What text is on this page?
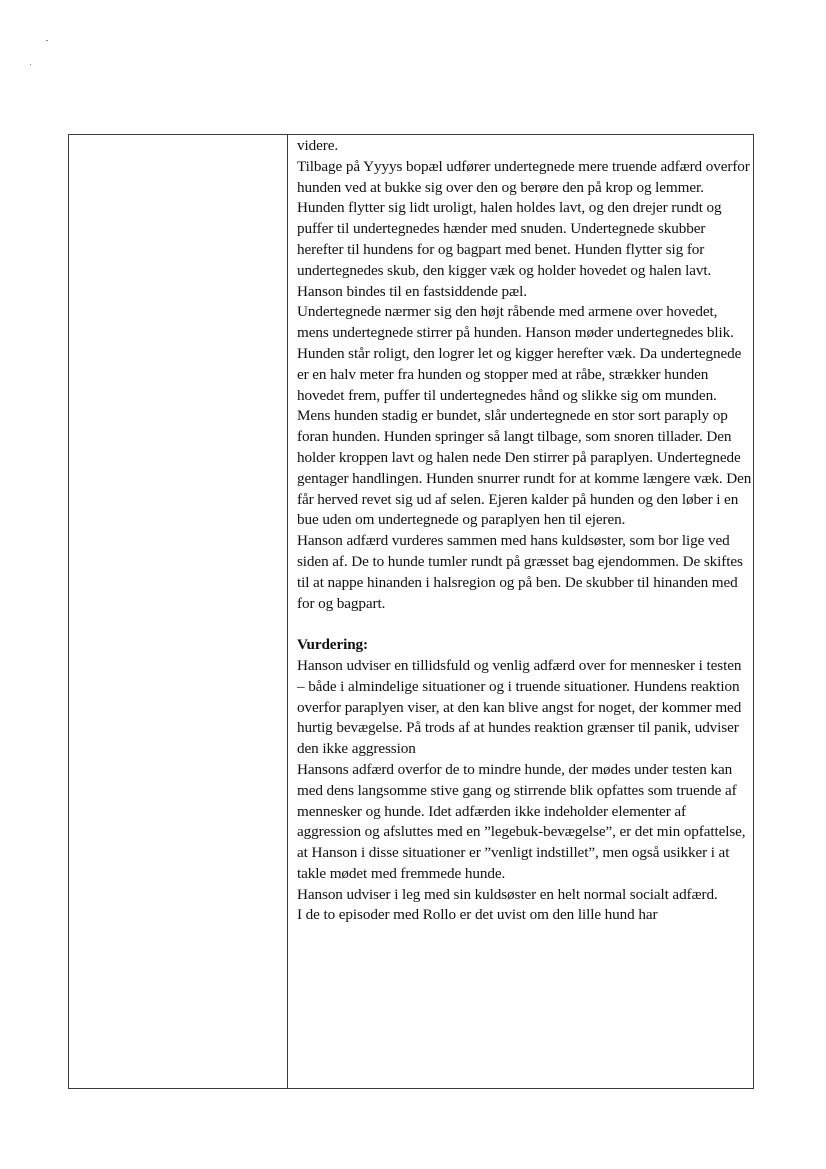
videre.

Tilbage på Yyyys bopæl udfører undertegnede mere truende adfærd overfor hunden ved at bukke sig over den og berøre den på krop og lemmer. Hunden flytter sig lidt uroligt, halen holdes lavt, og den drejer rundt og puffer til undertegnedes hænder med snuden. Undertegnede skubber herefter til hundens for og bagpart med benet. Hunden flytter sig for undertegnedes skub, den kigger væk og holder hovedet og halen lavt. Hanson bindes til en fastsiddende pæl.

Undertegnede nærmer sig den højt råbende med armene over hovedet, mens undertegnede stirrer på hunden. Hanson møder undertegnedes blik. Hunden står roligt, den logrer let og kigger herefter væk. Da undertegnede er en halv meter fra hunden og stopper med at råbe, strækker hunden hovedet frem, puffer til undertegnedes hånd og slikke sig om munden.

Mens hunden stadig er bundet, slår undertegnede en stor sort paraply op foran hunden. Hunden springer så langt tilbage, som snoren tillader. Den holder kroppen lavt og halen nede Den stirrer på paraplyen. Undertegnede gentager handlingen. Hunden snurrer rundt for at komme længere væk. Den får herved revet sig ud af selen. Ejeren kalder på hunden og den løber i en bue uden om undertegnede og paraplyen hen til ejeren.

Hanson adfærd vurderes sammen med hans kuldsøster, som bor lige ved siden af. De to hunde tumler rundt på græsset bag ejendommen. De skiftes til at nappe hinanden i halsregion og på ben. De skubber til hinanden med for og bagpart.

Vurdering:

Hanson udviser en tillidsfuld og venlig adfærd over for mennesker i testen – både i almindelige situationer og i truende situationer. Hundens reaktion overfor paraplyen viser, at den kan blive angst for noget, der kommer med hurtig bevægelse. På trods af at hundes reaktion grænser til panik, udviser den ikke aggression

Hansons adfærd overfor de to mindre hunde, der mødes under testen kan med dens langsomme stive gang og stirrende blik opfattes som truende af mennesker og hunde. Idet adfærden ikke indeholder elementer af aggression og afsluttes med en ”legebuk-bevægelse”, er det min opfattelse, at Hanson i disse situationer er ”venligt indstillet”, men også usikker i at takle mødet med fremmede hunde.

Hanson udviser i leg med sin kuldsøster en helt normal socialt adfærd.

I de to episoder med Rollo er det uvist om den lille hund har
